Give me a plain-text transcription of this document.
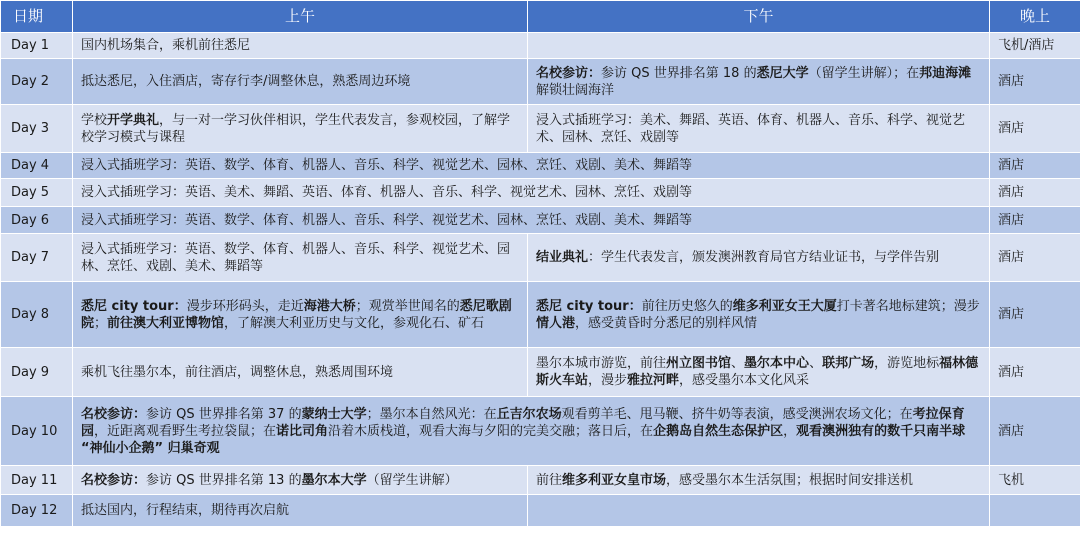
日期	上午	下午	晚上
Day 1	国内机场集合，乘机前往悉尼		飞机/酒店
Day 2	抵达悉尼，入住酒店，寄存行李/调整休息，熟悉周边环境	名校参访：参访 QS 世界排名第 18 的悉尼大学（留学生讲解）；在邦迪海滩解锁壮阔海洋	酒店
Day 3	学校开学典礼，与一对一学习伙伴相识，学生代表发言，参观校园，了解学校学习模式与课程	浸入式插班学习：美术、舞蹈、英语、体育、机器人、音乐、科学、视觉艺术、园林、烹饪、戏剧等	酒店
Day 4	浸入式插班学习：英语、数学、体育、机器人、音乐、科学、视觉艺术、园林、烹饪、戏剧、美术、舞蹈等		酒店
Day 5	浸入式插班学习：英语、美术、舞蹈、英语、体育、机器人、音乐、科学、视觉艺术、园林、烹饪、戏剧等		酒店
Day 6	浸入式插班学习：英语、数学、体育、机器人、音乐、科学、视觉艺术、园林、烹饪、戏剧、美术、舞蹈等		酒店
Day 7	浸入式插班学习：英语、数学、体育、机器人、音乐、科学、视觉艺术、园林、烹饪、戏剧、美术、舞蹈等	结业典礼：学生代表发言，颁发澳洲教育局官方结业证书，与学伴告别	酒店
Day 8	悉尼 city tour：漫步环形码头，走近海港大桥；观赏举世闻名的悉尼歌剧院；前往澳大利亚博物馆，了解澳大利亚历史与文化，参观化石、矿石	悉尼 city tour：前往历史悠久的维多利亚女王大厦打卡著名地标建筑；漫步情人港，感受黄昏时分悉尼的别样风情	酒店
Day 9	乘机飞往墨尔本，前往酒店，调整休息，熟悉周围环境	墨尔本城市游览，前往州立图书馆、墨尔本中心、联邦广场，游览地标福林德斯火车站，漫步雅拉河畔，感受墨尔本文化风采	酒店
Day 10	名校参访：参访 QS 世界排名第 37 的蒙纳士大学；墨尔本自然风光：在丘吉尔农场观看剪羊毛、甩马鞭、挤牛奶等表演，感受澳洲农场文化；在考拉保育园，近距离观看野生考拉袋鼠；在诺比司角沿着木质栈道，观看大海与夕阳的完美交融；落日后，在企鹅岛自然生态保护区，观看澳洲独有的数千只南半球 “神仙小企鹅” 归巢奇观		酒店
Day 11	名校参访：参访 QS 世界排名第 13 的墨尔本大学（留学生讲解）	前往维多利亚女皇市场，感受墨尔本生活氛围；根据时间安排送机	飞机
Day 12	抵达国内，行程结束，期待再次启航		
